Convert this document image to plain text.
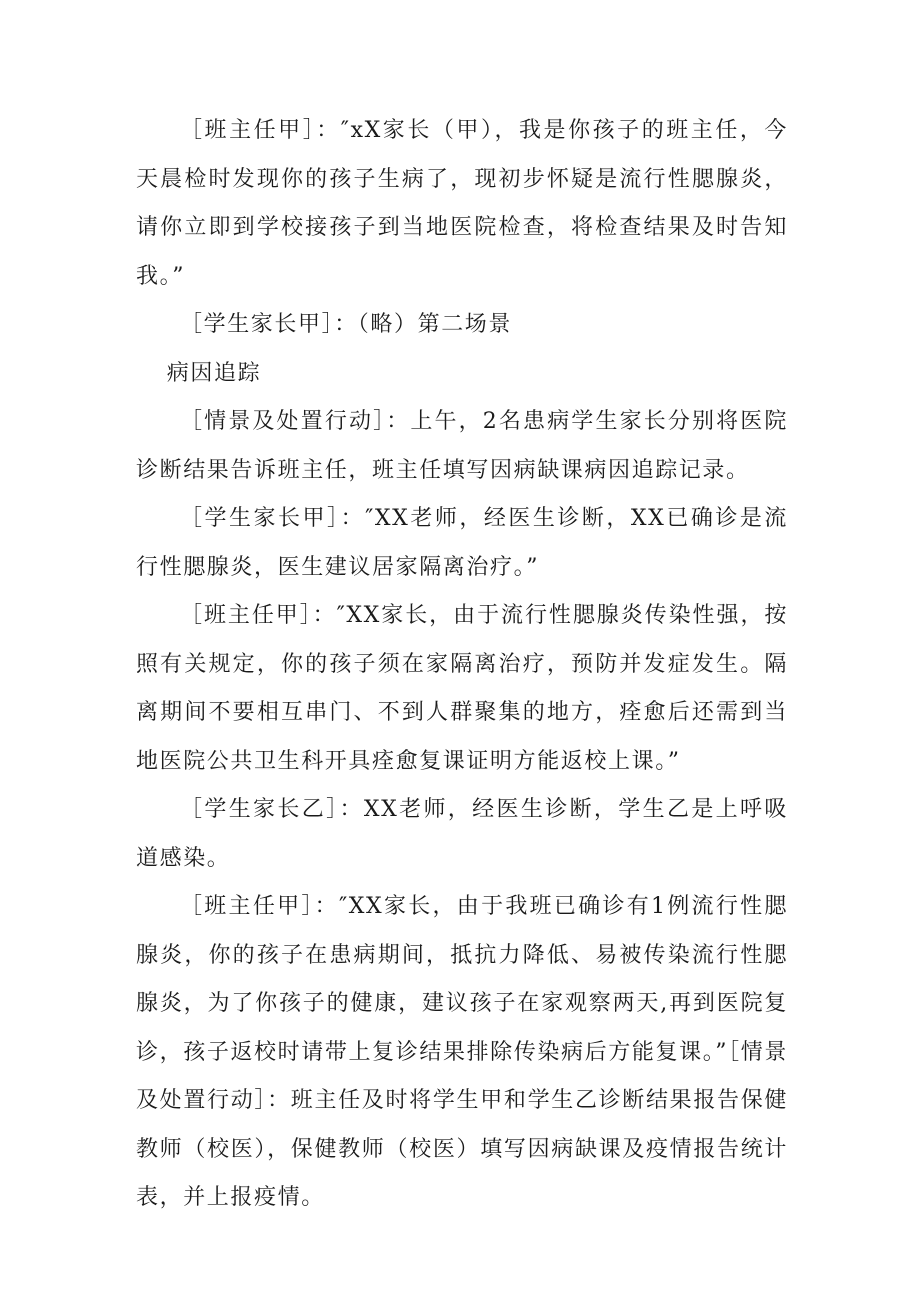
［班主任甲］：″xX家长（甲），我是你孩子的班主任，今天晨检时发现你的孩子生病了，现初步怀疑是流行性腮腺炎，请你立即到学校接孩子到当地医院检查，将检查结果及时告知我。”

［学生家长甲］：（略）第二场景

病因追踪

［情景及处置行动］：上午，2名患病学生家长分别将医院诊断结果告诉班主任，班主任填写因病缺课病因追踪记录。

［学生家长甲］：″XX老师，经医生诊断，XX已确诊是流行性腮腺炎，医生建议居家隔离治疗。”

［班主任甲］：″XX家长，由于流行性腮腺炎传染性强，按照有关规定，你的孩子须在家隔离治疗，预防并发症发生。隔离期间不要相互串门、不到人群聚集的地方，痊愈后还需到当地医院公共卫生科开具痊愈复课证明方能返校上课。”

［学生家长乙］：XX老师，经医生诊断，学生乙是上呼吸道感染。

［班主任甲］：″XX家长，由于我班已确诊有1例流行性腮腺炎，你的孩子在患病期间，抵抗力降低、易被传染流行性腮腺炎，为了你孩子的健康，建议孩子在家观察两天,再到医院复诊，孩子返校时请带上复诊结果排除传染病后方能复课。”［情景及处置行动］：班主任及时将学生甲和学生乙诊断结果报告保健教师（校医），保健教师（校医）填写因病缺课及疫情报告统计表，并上报疫情。
